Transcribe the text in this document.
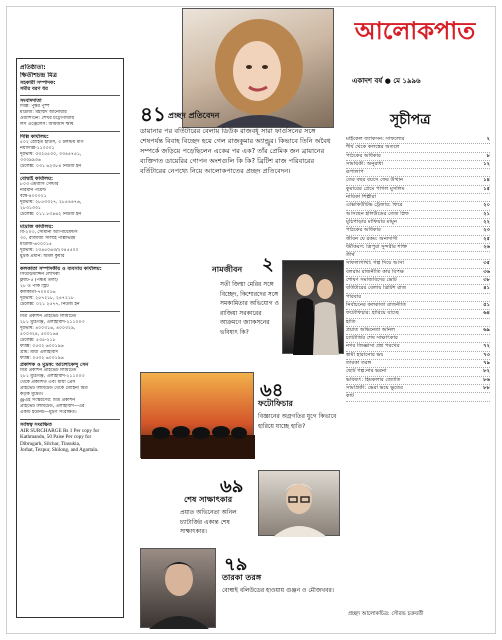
প্রতিষ্ঠাতা:
ক্ষিতীশচন্দ্র মিত্র
সহকারী সম্পাদক:
সমীর বরণ ধর
সংবাদদাতা
দিল্লি: পুষ্কর পুষ্প
মাদ্রাজ: মহাম্মদ আনোয়ার
ওয়াশিংটন: শেখর চট্টোপাধ্যায়
লস এঞ্জেলেস: আমজাদ ঋষি
দিল্লি কার্যালয়:
৫০২ রোহিত হাউস, ৩ টলস্টয় মার্গ
নয়াদিল্লি-১১০০০১
দূরভাষ: ৩৩২৫৫৩০, ৩৩৪৫৭৫১,
৩৩৩৯৯৩৬
টেলেক্স: ০৩১ ৬২৩৮৪ নিউজ ইন
বোম্বাই কার্যালয়:
৮০৩ এমবাসি সেন্টার
নরিমান পয়েন্ট
বম্বে-৪০০০২১
দূরভাষ: ২৮৫৩৩২৭, ২৮৫৪৪৭৬,
২৮৩১৩৩১
টেলেক্স: ০১১ ৮৩৪৬২ নিউজ ইন
মাদ্রাজ কার্যালয়:
বি-২০৩, সোমানা অ্যাপার্টমেন্টস
৩০, রাজাজী সালাই পাল্লাভরম
মাদ্রাজ-৬০০০১৫
দূরভাষ: ২৩৪৫০৬৩/২৩৪৫৫০০
মুদ্রক প্রধান: অমল কুমার
কলকাতা সম্পাদকীয় ও ব্যবসায় কার্যালয়:
সিউড়িম্যান্সন লেখিকা
ফ্ল্যাট-৫ (পঞ্চম তলা)
২৮ ও পার্ক স্ট্রিট
কলকাতা-৭০০০১৬
দূরভাষ: ২৫৭২১৮, ২৫৭২১৮
টেলেক্স: ০২১ ২৫৭৭, নিউজ ইন
মিত্র প্রকাশন প্রাইভেট লিমিটেড
২৮১ মুঠিগঞ্জ, এলাহাবাদ-২১১০০৩
দূরভাষ: ৪০০৩১৬, ৪০০৩২৯,
৫০০৩২৪, ৫০০১৬৪
টেলেক্স: ৫৩৫-২১৮
ফ্যাক্স: ০৫৩২ ৬০০১৯৬
গ্রাম: মায়া এলাহাবাদ
ফ্যাক্স: ০৫৩২ ৬০০১৯৬
প্রকাশক ও মুদ্রক: আলোকেন্দু সেন
মিত্র প্রকাশন প্রাইভেট লিমিটেড
২৮১ মুঠিগঞ্জ, এলাহাবাদ-২১১০০৩
থেকে প্রকাশিত এবং মায়া প্রেস
প্রাইভেট লিমিটেড থেকে মোহিনী মিত্র
কর্তৃক মুদ্রিত।
@এই সংস্করণের: মিত্র প্রকাশন
প্রাইভেট লিমিটেড, এলাহাবাদ—এর
একটি ইউনিট—মুদ্রণ সংরক্ষিত।
সর্বস্বত্ব সংরক্ষিত
AIR SURCHARGE Rs 1 Per copy for
Kathmandu, 50 Paise Per copy for
Dibrugarh, Silchar, Tinsukia,
Jorhat, Tezpur, Shilong, and Agartala.
৪১ প্রচ্ছদ প্রতিবেদন
ডায়ানার পর বর্তিটারের বেলায় ডিউক রাজবধূ সারা ফার্গুসনের সঙ্গে শেষপর্যন্ত বিবাহ বিচ্ছেদ হয়ে গেল রাজকুমার অ্যান্ড্রুর। কিভাবে তিনি অবৈধ সম্পর্কে জড়িয়ে পড়েছিলেন একের পর এক? তাঁর প্রেমিক জন ব্রায়ানের ব্যক্তিগত ডায়েরির গোপন অংশগুলি কি কি? ব্রিটিশ রাজ পরিবারের বর্তিটারের নেপথ্যে নিয়ে আলোকপাতের প্রচ্ছদ প্রতিবেদন।
২
নামজীবন
সতী জিম্মা মেরির সঙ্গে বিচ্ছেদ, কিশোরদের সঙ্গে সমকামিতার অভিযোগ ও রাজিয়া সরকারের আক্রমণে জ্যাকসনের ভবিষ্যৎ কি?
৬৪
ফটোফিচার
বিজ্ঞানের অগ্রগতির যুগে কিভাবে হারিয়ে যাচ্ছে হাতি?
৬৯
শেষ সাক্ষাৎকার
প্রয়াত অভিনেতা অনিল চ্যাটার্জির একান্ত শেষ সাক্ষাৎকার।
৭৯
তারকা তরঙ্গ
বোম্বাই বলিউডের হাওয়ায় গুঞ্জন ও মৌজখবর।
আলোকপাত
একাদশ বর্ষ ● মে ১৯৯৬
সূচীপত্র
মাইকেল জ্যাকসন: সাফল্যের	২
শীর্ষ থেকে কলঙ্কের অতলে
পাঠকের অধিকার	৮
সাময়িকী: অনুরাধা	১২
রূপালাপ
তের বছর বয়সে ফের উত্থান	১৪
কুমারের প্রেমে পাগল মুসলিম	১৫
নায়িকা শিল্পীরা
এক্সিকিউটিভ ট্রেজার: ফিরে	২০
আসছেন হলিউডের তেজ স্নিফ	২১
মুচিপাড়ার মাফিয়ার মামুন	২২
পাঠকের অধিকার	২৩
জীবন যে রকম: অন্যদাসী	২৫
ধর্মীকরণ: ত্রিপুরা সুন্দরীর শক্তি	২৬
তীর্থ
সাফল্যগাথা: গল্প দিয়ে আসা	৩৫
বলরাম রাজনীতি কার বিপক্ষ	৩৬
শোষণ সমাজবিদের ভোট	৩৮
বর্তিটারের বেলায় ব্রিটিশ রাজ	৪১
পরিবার
নির্বাচনের কলকাতা রাজনীতি	৫১
ফটোফিচার: হারিয়ে যাচ্ছে	৬৪
হাতি
প্রয়াত অভিনেতা অনিল	৬৯
চ্যাটার্জির শেষ সাক্ষাৎকার
নগর জিজ্ঞাসা প্রশ্ন পরখের	৭২
স্বামী হারানোর ভয়	৭৩
তারকা তরঙ্গ	৭৯
ছোট গল্প:নার ভরনা	৮২
ভবিষ্যৎ: হিমকলার জ্যোতি	৮৬
সামগ্রিকী: ভেরা ভয়ে ভুতের	৮৮
কাট
প্রচ্ছদ আলোকচিত্র: সৌরভ চক্রবর্তী
